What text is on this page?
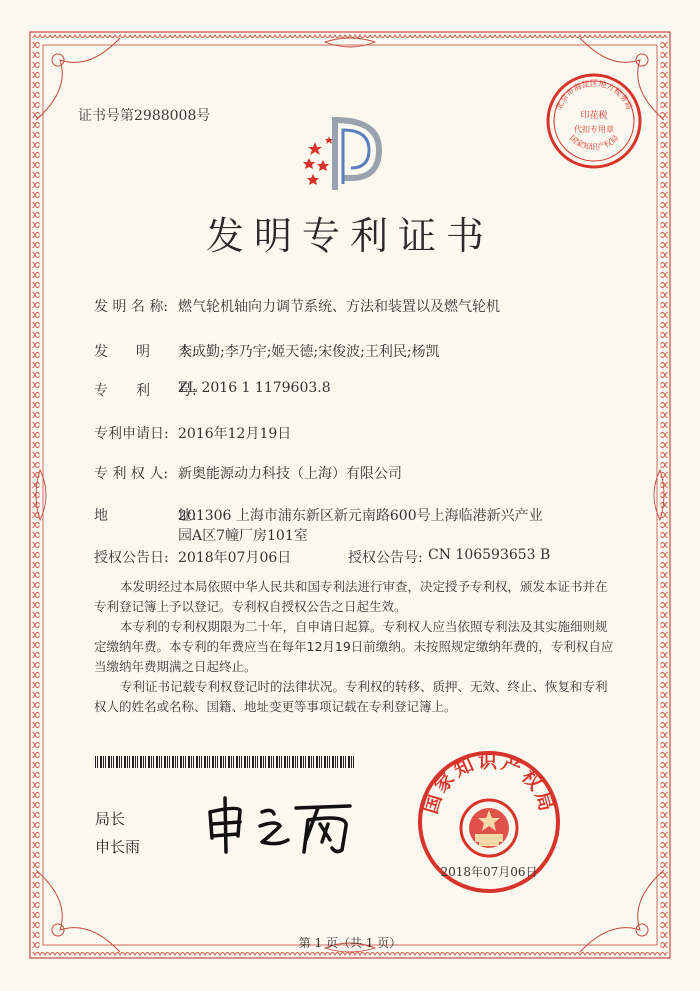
证书号第2988008号
北京市海淀区地方税务局
印花税
代扣专用章
国家知识产权局
发明专利证书
发 明 名 称: 燃气轮机轴向力调节系统、方法和装置以及燃气轮机
发　　明　　人:
李成勤;李乃宇;姬天德;宋俊波;王利民;杨凯
专　　利　　号:
ZL 2016 1 1179603.8
专利申请日: 2016年12月19日
专 利 权 人: 新奥能源动力科技（上海）有限公司
地　　　　　址:
201306 上海市浦东新区新元南路600号上海临港新兴产业
园A区7幢厂房101室
授权公告日: 2018年07月06日	授权公告号: CN 106593653 B

本发明经过本局依照中华人民共和国专利法进行审查，决定授予专利权，颁发本证书并在专利登记簿上予以登记。专利权自授权公告之日起生效。

本专利的专利权期限为二十年，自申请日起算。专利权人应当依照专利法及其实施细则规定缴纳年费。本专利的年费应当在每年12月19日前缴纳。未按照规定缴纳年费的，专利权自应当缴纳年费期满之日起终止。

专利证书记载专利权登记时的法律状况。专利权的转移、质押、无效、终止、恢复和专利权人的姓名或名称、国籍、地址变更等事项记载在专利登记簿上。

局长
申长雨
国家知识产权局
2018年07月06日
第 1 页（共 1 页）
